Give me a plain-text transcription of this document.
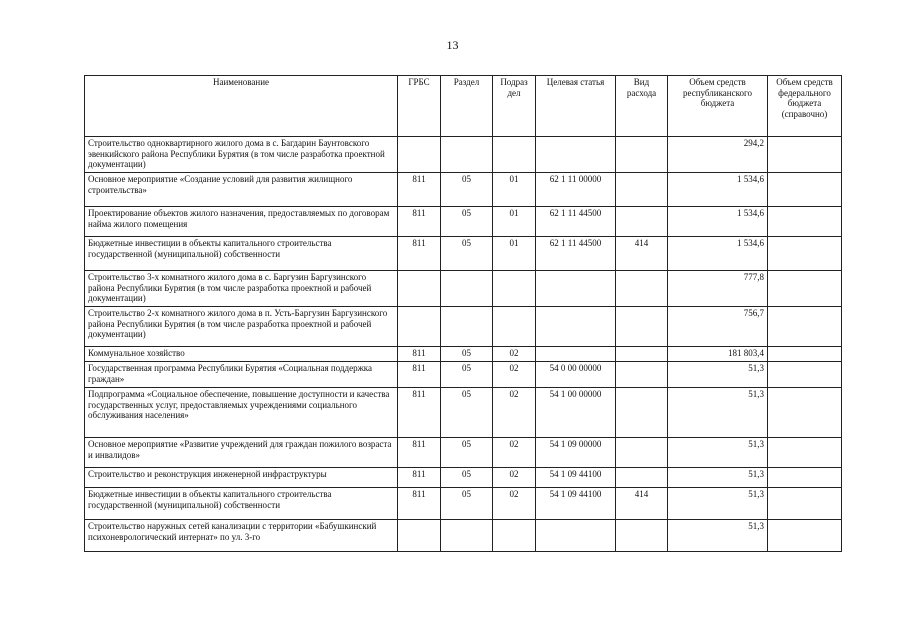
13
Наименование	ГРБС	Раздел	Подраз дел	Целевая статья	Вид расхода	Объем средств республиканского бюджета	Объем средств федерального бюджета (справочно)
Строительство одноквартирного жилого дома в с. Багдарин Баунтовского эвенкийского района Республики Бурятия (в том числе разработка проектной документации)						294,2	
Основное мероприятие «Создание условий для развития жилищного строительства»	811	05	01	62 1 11 00000		1 534,6	
Проектирование объектов жилого назначения, предоставляемых по договорам найма жилого помещения	811	05	01	62 1 11 44500		1 534,6	
Бюджетные инвестиции в объекты капитального строительства государственной (муниципальной) собственности	811	05	01	62 1 11 44500	414	1 534,6	
Строительство 3-х комнатного жилого дома в с. Баргузин Баргузинского района Республики Бурятия (в том числе разработка проектной и рабочей документации)						777,8	
Строительство 2-х комнатного жилого дома в п. Усть-Баргузин Баргузинского района Республики Бурятия (в том числе разработка проектной и рабочей документации)						756,7	
Коммунальное хозяйство	811	05	02			181 803,4	
Государственная программа Республики Бурятия «Социальная поддержка граждан»	811	05	02	54 0 00 00000		51,3	
Подпрограмма «Социальное обеспечение, повышение доступности и качества государственных услуг, предоставляемых учреждениями социального обслуживания населения»	811	05	02	54 1 00 00000		51,3	
Основное мероприятие «Развитие учреждений для граждан пожилого возраста и инвалидов»	811	05	02	54 1 09 00000		51,3	
Строительство и реконструкция инженерной инфраструктуры	811	05	02	54 1 09 44100		51,3	
Бюджетные инвестиции в объекты капитального строительства государственной (муниципальной) собственности	811	05	02	54 1 09 44100	414	51,3	
Строительство наружных сетей канализации с территории «Бабушкинский психоневрологический интернат» по ул. 3-го						51,3	
